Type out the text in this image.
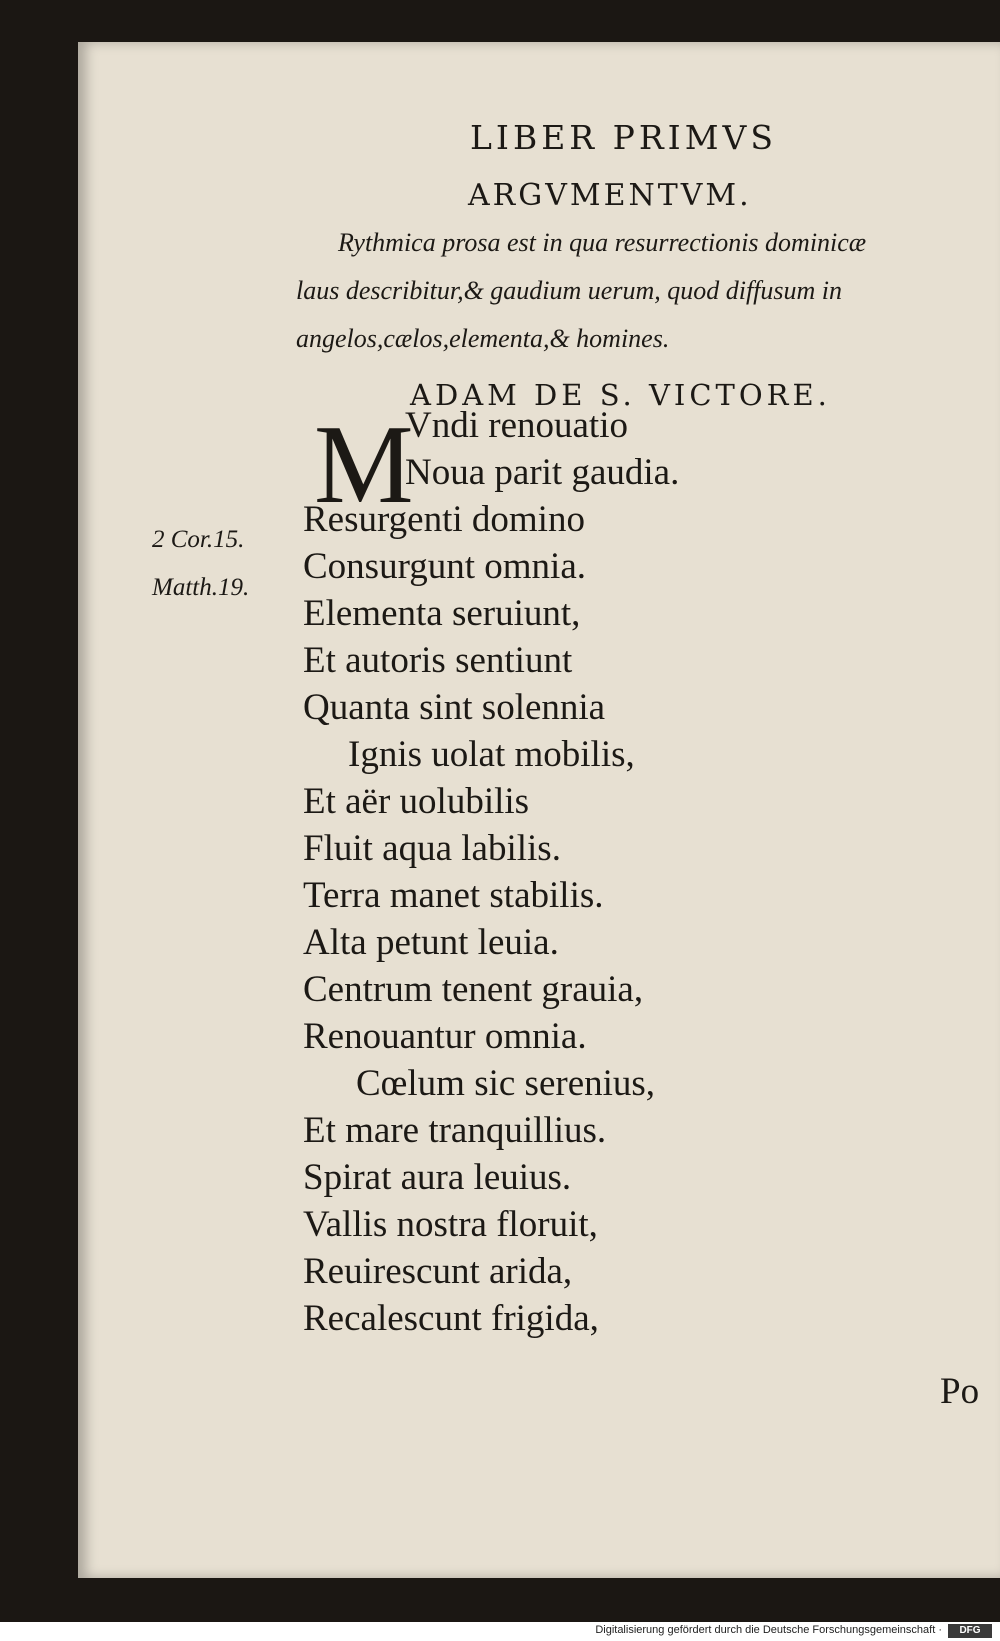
LIBER PRIMVS
ARGVMENTVM.
Rythmica prosa est in qua resurrectionis dominicæ
laus describitur,& gaudium uerum, quod diffusum in
angelos,cælos,elementa,& homines.
ADAM DE S. VICTORE.
M
Vndi renouatio
Noua parit gaudia.
Resurgenti domino
Consurgunt omnia.
Elementa seruiunt,
Et autoris sentiunt
Quanta sint solennia
Ignis uolat mobilis,
Et aër uolubilis
Fluit aqua labilis.
Terra manet stabilis.
Alta petunt leuia.
Centrum tenent grauia,
Renouantur omnia.
Cœlum sic serenius,
Et mare tranquillius.
Spirat aura leuius.
Vallis nostra floruit,
Reuirescunt arida,
Recalescunt frigida,
2 Cor.15.
Matth.19.
Po
Digitalisierung gefördert durch die Deutsche Forschungsgemeinschaft ·	DFG
